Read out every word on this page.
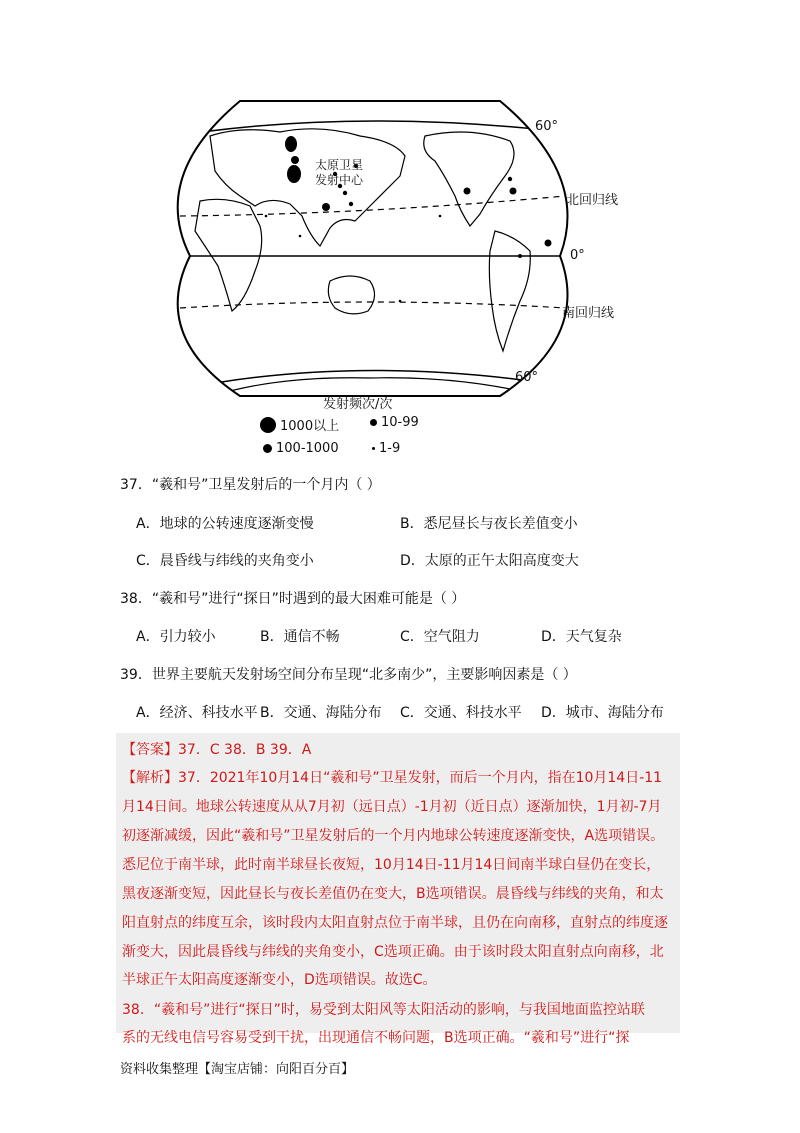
60°
北回归线
0°
南回归线
60°
太原卫星
发射中心
发射频次/次
1000以上	10-99
100-1000	1-9
37．“羲和号”卫星发射后的一个月内（ ）
A．地球的公转速度逐渐变慢	B．悉尼昼长与夜长差值变小
C．晨昏线与纬线的夹角变小	D．太原的正午太阳高度变大
38．“羲和号”进行“探日”时遇到的最大困难可能是（ ）
A．引力较小	B．通信不畅	C．空气阻力	D．天气复杂
39．世界主要航天发射场空间分布呈现“北多南少”，主要影响因素是（ ）
A．经济、科技水平 B．交通、海陆分布 C．交通、科技水平 D．城市、海陆分布
【答案】37．C 38．B 39．A

【解析】37．2021年10月14日“羲和号”卫星发射，而后一个月内，指在10月14日-11

月14日间。地球公转速度从从7月初（远日点）-1月初（近日点）逐渐加快，1月初-7月

初逐渐减缓，因此“羲和号”卫星发射后的一个月内地球公转速度逐渐变快，A选项错误。

悉尼位于南半球，此时南半球昼长夜短，10月14日-11月14日间南半球白昼仍在变长，

黑夜逐渐变短，因此昼长与夜长差值仍在变大，B选项错误。晨昏线与纬线的夹角，和太

阳直射点的纬度互余，该时段内太阳直射点位于南半球，且仍在向南移，直射点的纬度逐

渐变大，因此晨昏线与纬线的夹角变小，C选项正确。由于该时段太阳直射点向南移，北

半球正午太阳高度逐渐变小，D选项错误。故选C。

38．“羲和号”进行“探日”时，易受到太阳风等太阳活动的影响，与我国地面监控站联

系的无线电信号容易受到干扰，出现通信不畅问题，B选项正确。“羲和号”进行“探

资料收集整理【淘宝店铺：向阳百分百】
